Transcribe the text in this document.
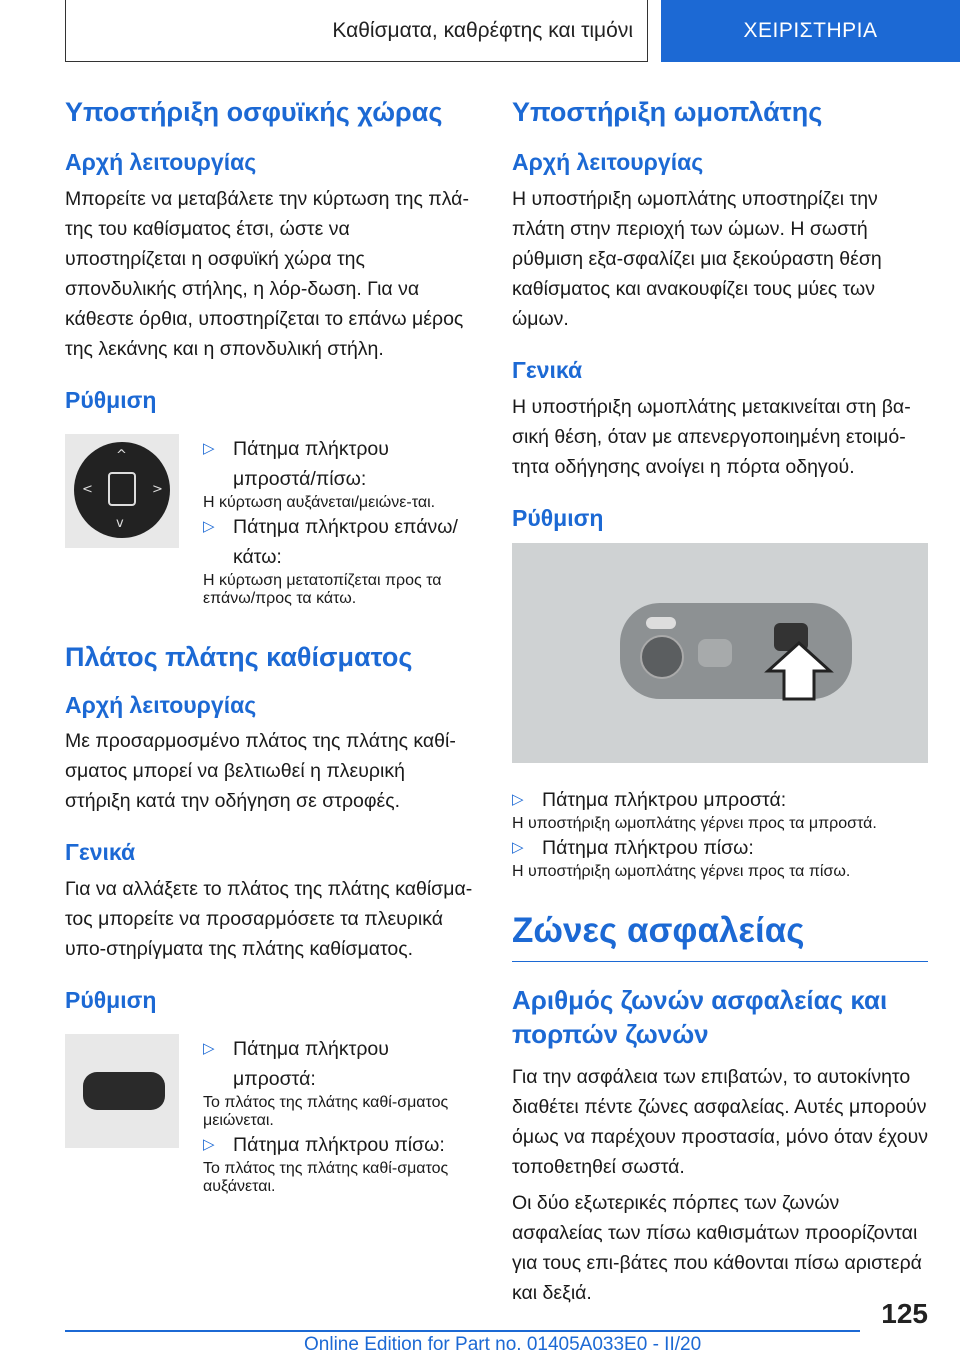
Καθίσματα, καθρέφτης και τιμόνι	ΧΕΙΡΙΣΤΗΡΙΑ
Υποστήριξη οσφυϊκής χώρας
Αρχή λειτουργίας

Μπορείτε να μεταβάλετε την κύρτωση της πλά-της του καθίσματος έτσι, ώστε να υποστηρίζεται η οσφυϊκή χώρα της σπονδυλικής στήλης, η λόρ-δωση. Για να κάθεστε όρθια, υποστηρίζεται το επάνω μέρος της λεκάνης και η σπονδυλική στήλη.

Ρύθμιση
^
v
<	>
▷ Πάτημα πλήκτρου μπροστά/πίσω:
Η κύρτωση αυξάνεται/μειώνε-ται.
▷ Πάτημα πλήκτρου επάνω/κάτω:
Η κύρτωση μετατοπίζεται προς τα επάνω/προς τα κάτω.
Πλάτος πλάτης καθίσματος
Αρχή λειτουργίας

Με προσαρμοσμένο πλάτος της πλάτης καθί-σματος μπορεί να βελτιωθεί η πλευρική στήριξη κατά την οδήγηση σε στροφές.

Γενικά

Για να αλλάξετε το πλάτος της πλάτης καθίσμα-τος μπορείτε να προσαρμόσετε τα πλευρικά υπο-στηρίγματα της πλάτης καθίσματος.

Ρύθμιση
▷ Πάτημα πλήκτρου μπροστά:
Το πλάτος της πλάτης καθί-σματος μειώνεται.
▷ Πάτημα πλήκτρου πίσω:
Το πλάτος της πλάτης καθί-σματος αυξάνεται.
Υποστήριξη ωμοπλάτης
Αρχή λειτουργίας

Η υποστήριξη ωμοπλάτης υποστηρίζει την πλάτη στην περιοχή των ώμων. Η σωστή ρύθμιση εξα-σφαλίζει μια ξεκούραστη θέση καθίσματος και ανακουφίζει τους μύες των ώμων.

Γενικά

Η υποστήριξη ωμοπλάτης μετακινείται στη βα-σική θέση, όταν με απενεργοποιημένη ετοιμό-τητα οδήγησης ανοίγει η πόρτα οδηγού.

Ρύθμιση
▷ Πάτημα πλήκτρου μπροστά:
Η υποστήριξη ωμοπλάτης γέρνει προς τα μπροστά.
▷ Πάτημα πλήκτρου πίσω:
Η υποστήριξη ωμοπλάτης γέρνει προς τα πίσω.
Ζώνες ασφαλείας
Αριθμός ζωνών ασφαλείας και πορπών ζωνών

Για την ασφάλεια των επιβατών, το αυτοκίνητο διαθέτει πέντε ζώνες ασφαλείας. Αυτές μπορούν όμως να παρέχουν προστασία, μόνο όταν έχουν τοποθετηθεί σωστά.

Οι δύο εξωτερικές πόρπες των ζωνών ασφαλείας των πίσω καθισμάτων προορίζονται για τους επι-βάτες που κάθονται πίσω αριστερά και δεξιά.

125
Online Edition for Part no. 01405A033E0 - II/20
